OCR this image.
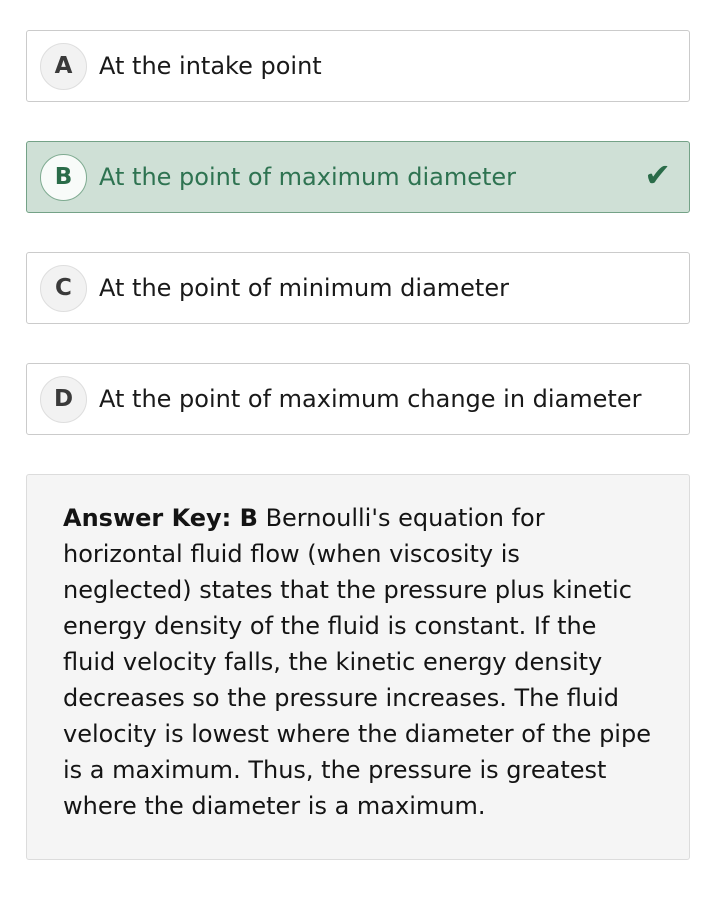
A At the intake point
B At the point of maximum diameter	✔
C At the point of minimum diameter
D At the point of maximum change in diameter
Answer Key: B Bernoulli's equation for horizontal fluid flow (when viscosity is neglected) states that the pressure plus kinetic energy density of the fluid is constant. If the fluid velocity falls, the kinetic energy density decreases so the pressure increases. The fluid velocity is lowest where the diameter of the pipe is a maximum. Thus, the pressure is greatest where the diameter is a maximum.
